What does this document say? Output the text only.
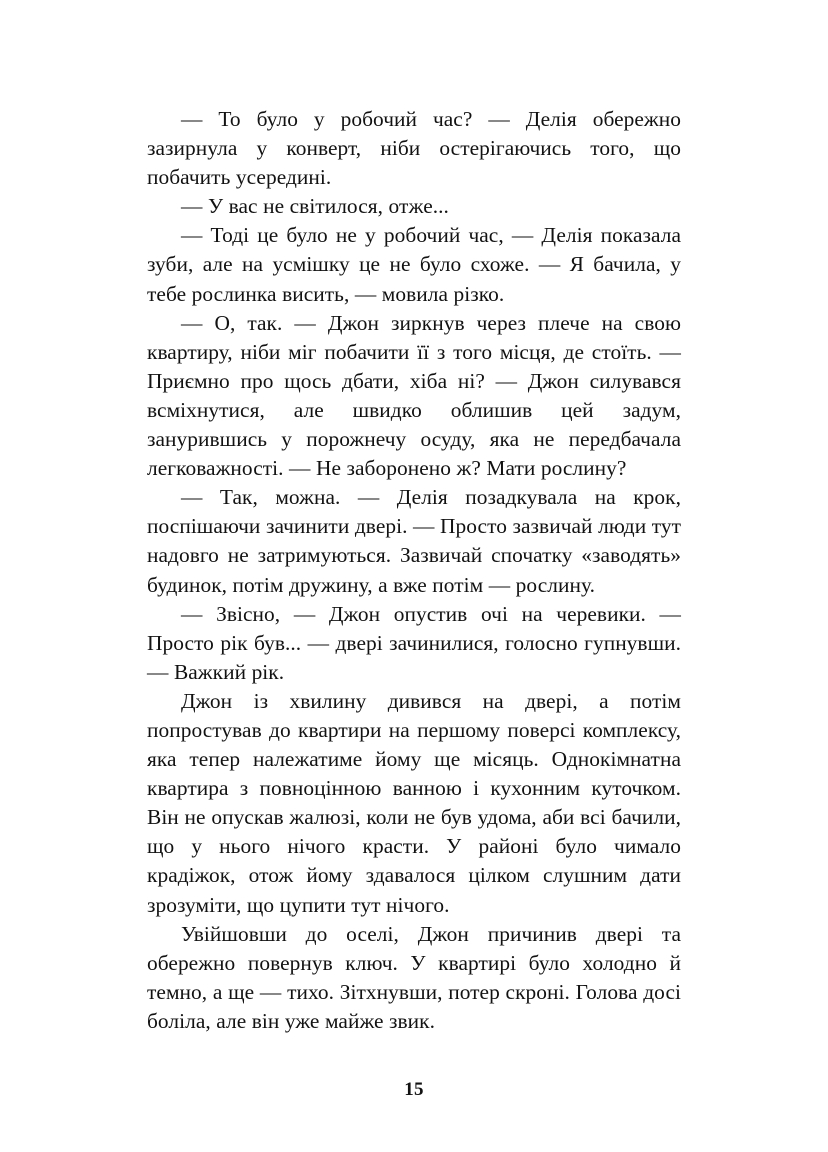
— То було у робочий час? — Делія обережно зазирнула у конверт, ніби остерігаючись того, що побачить усередині.

— У вас не світилося, отже...

— Тоді це було не у робочий час, — Делія показала зуби, але на усмішку це не було схоже. — Я бачила, у тебе рослинка висить, — мовила різко.

— О, так. — Джон зиркнув через плече на свою квартиру, ніби міг побачити її з того місця, де стоїть. — Приємно про щось дбати, хіба ні? — Джон силувався всміхнутися, але швидко облишив цей задум, занурившись у порожнечу осуду, яка не передбачала легковажності. — Не заборонено ж? Мати рослину?

— Так, можна. — Делія позадкувала на крок, поспішаючи зачинити двері. — Просто зазвичай люди тут надовго не затримуються. Зазвичай спочатку «заводять» будинок, потім дружину, а вже потім — рослину.

— Звісно, — Джон опустив очі на черевики. — Просто рік був... — двері зачинилися, голосно гупнувши. — Важкий рік.

Джон із хвилину дивився на двері, а потім попростував до квартири на першому поверсі комплексу, яка тепер належатиме йому ще місяць. Однокімнатна квартира з повноцінною ванною і кухонним куточком. Він не опускав жалюзі, коли не був удома, аби всі бачили, що у нього нічого красти. У районі було чимало крадіжок, отож йому здавалося цілком слушним дати зрозуміти, що цупити тут нічого.

Увійшовши до оселі, Джон причинив двері та обережно повернув ключ. У квартирі було холодно й темно, а ще — тихо. Зітхнувши, потер скроні. Голова досі боліла, але він уже майже звик.

15
